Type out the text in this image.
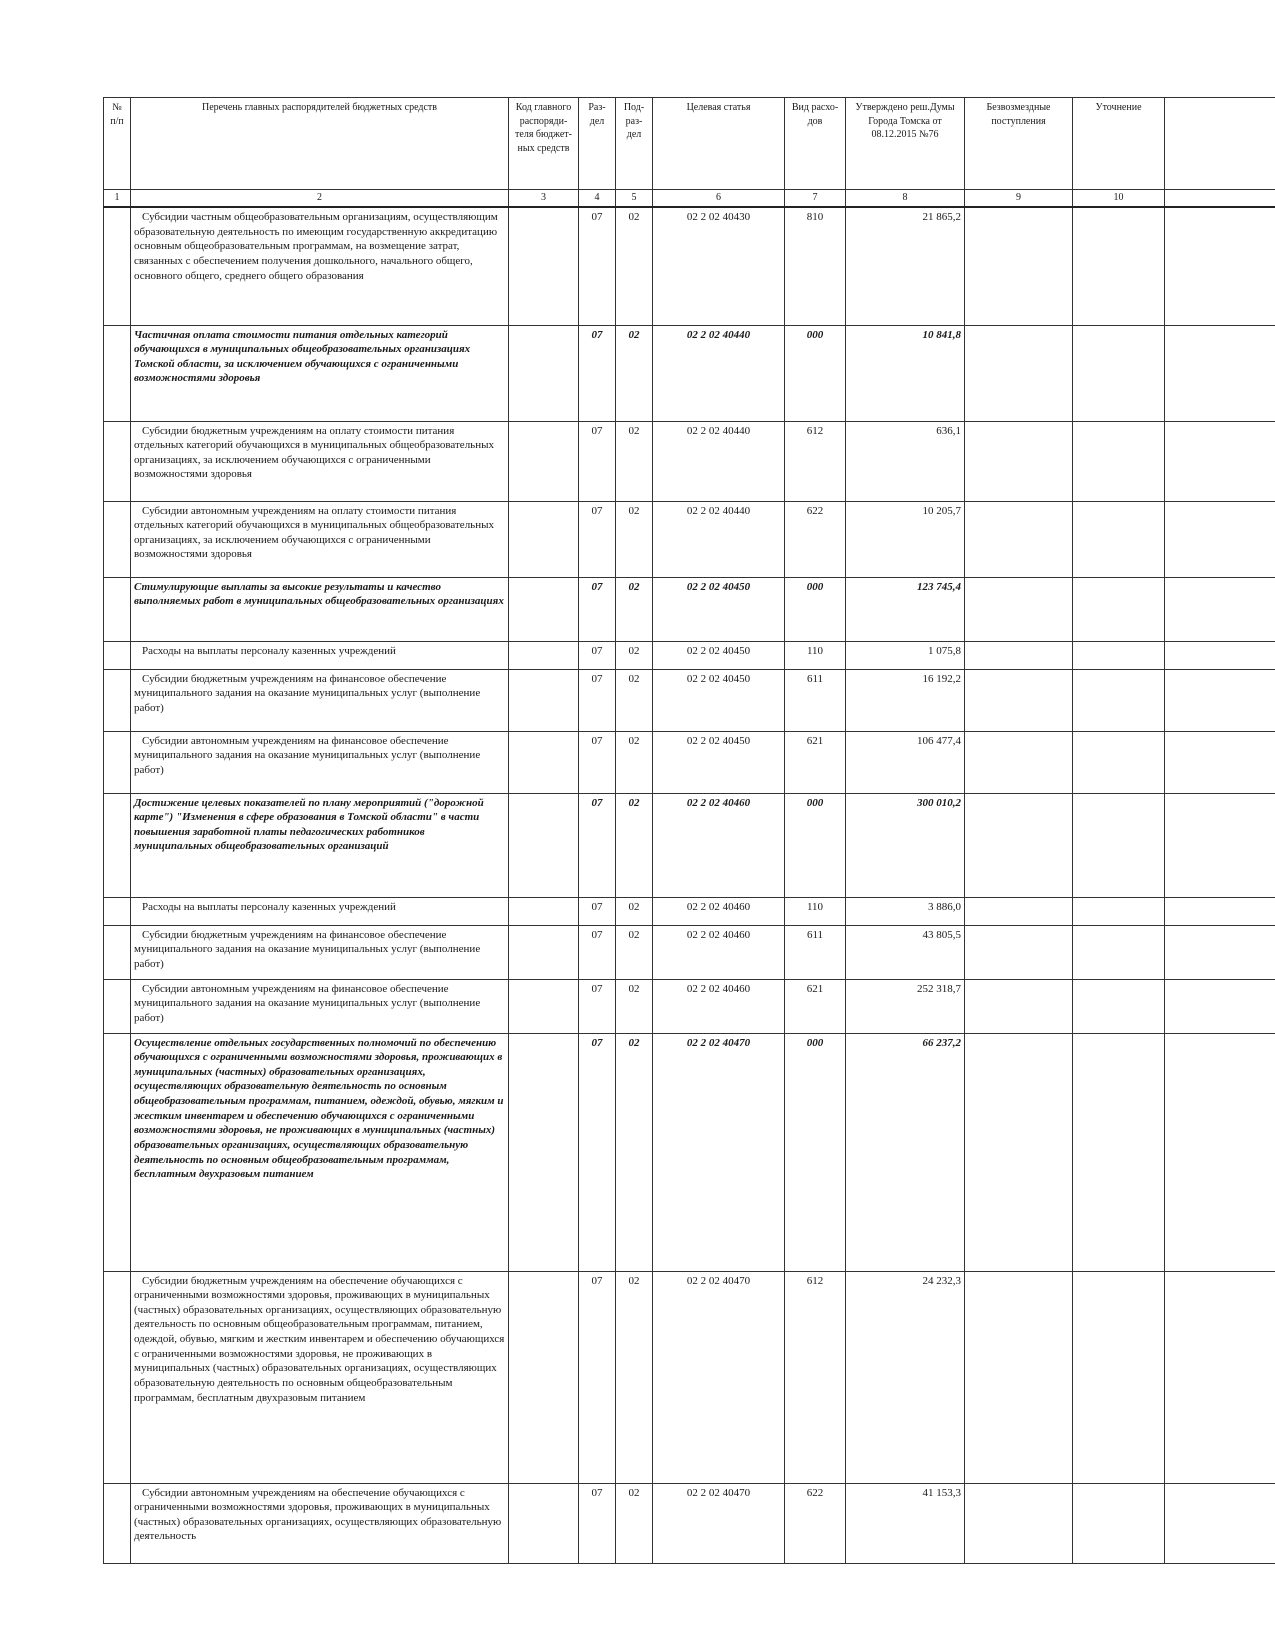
№ п/п	Перечень главных распорядителей бюджетных средств	Код главного распоряди-теля бюджет-ных средств	Раз-дел	Под-раз-дел	Целевая статья	Вид расхо-дов	Утверждено реш.Думы Города Томска от 08.12.2015 №76	Безвозмездные поступления	Уточнение	
1	2	3	4	5	6	7	8	9	10	

	Субсидии частным общеобразовательным организациям, осуществляющим образовательную деятельность по имеющим государственную аккредитацию основным общеобразовательным программам, на возмещение затрат, связанных с обеспечением получения дошкольного, начального общего, основного общего, среднего общего образования		07	02	02 2 02 40430	810	21 865,2			
	Частичная оплата стоимости питания отдельных категорий обучающихся в муниципальных общеобразовательных организациях Томской области, за исключением обучающихся с ограниченными возможностями здоровья		07	02	02 2 02 40440	000	10 841,8			

	Субсидии бюджетным учреждениям на оплату стоимости питания отдельных категорий обучающихся в муниципальных общеобразовательных организациях, за исключением обучающихся с ограниченными возможностями здоровья		07	02	02 2 02 40440	612	636,1			

	Субсидии автономным учреждениям на оплату стоимости питания отдельных категорий обучающихся в муниципальных общеобразовательных организациях, за исключением обучающихся с ограниченными возможностями здоровья		07	02	02 2 02 40440	622	10 205,7			
	Стимулирующие выплаты за высокие результаты и качество выполняемых работ в муниципальных общеобразовательных организациях		07	02	02 2 02 40450	000	123 745,4			

	Расходы на выплаты персоналу казенных учреждений		07	02	02 2 02 40450	110	1 075,8			

	Субсидии бюджетным учреждениям на финансовое обеспечение муниципального задания на оказание муниципальных услуг (выполнение работ)		07	02	02 2 02 40450	611	16 192,2			

	Субсидии автономным учреждениям на финансовое обеспечение муниципального задания на оказание муниципальных услуг (выполнение работ)		07	02	02 2 02 40450	621	106 477,4			
	Достижение целевых показателей по плану мероприятий ("дорожной карте") "Изменения в сфере образования в Томской области" в части повышения заработной платы педагогических работников муниципальных общеобразовательных организаций		07	02	02 2 02 40460	000	300 010,2			

	Расходы на выплаты персоналу казенных учреждений		07	02	02 2 02 40460	110	3 886,0			

	Субсидии бюджетным учреждениям на финансовое обеспечение муниципального задания на оказание муниципальных услуг (выполнение работ)		07	02	02 2 02 40460	611	43 805,5			

	Субсидии автономным учреждениям на финансовое обеспечение муниципального задания на оказание муниципальных услуг (выполнение работ)		07	02	02 2 02 40460	621	252 318,7			
	Осуществление отдельных государственных полномочий по обеспечению обучающихся с ограниченными возможностями здоровья, проживающих в муниципальных (частных) образовательных организациях, осуществляющих образовательную деятельность по основным общеобразовательным программам, питанием, одеждой, обувью, мягким и жестким инвентарем и обеспечению обучающихся с ограниченными возможностями здоровья, не проживающих в муниципальных (частных) образовательных организациях, осуществляющих образовательную деятельность по основным общеобразовательным программам, бесплатным двухразовым питанием		07	02	02 2 02 40470	000	66 237,2			

	Субсидии бюджетным учреждениям на обеспечение обучающихся с ограниченными возможностями здоровья, проживающих в муниципальных (частных) образовательных организациях, осуществляющих образовательную деятельность по основным общеобразовательным программам, питанием, одеждой, обувью, мягким и жестким инвентарем и обеспечению обучающихся с ограниченными возможностями здоровья, не проживающих в муниципальных (частных) образовательных организациях, осуществляющих образовательную деятельность по основным общеобразовательным программам, бесплатным двухразовым питанием		07	02	02 2 02 40470	612	24 232,3			

	Субсидии автономным учреждениям на обеспечение обучающихся с ограниченными возможностями здоровья, проживающих в муниципальных (частных) образовательных организациях, осуществляющих образовательную деятельность		07	02	02 2 02 40470	622	41 153,3			
